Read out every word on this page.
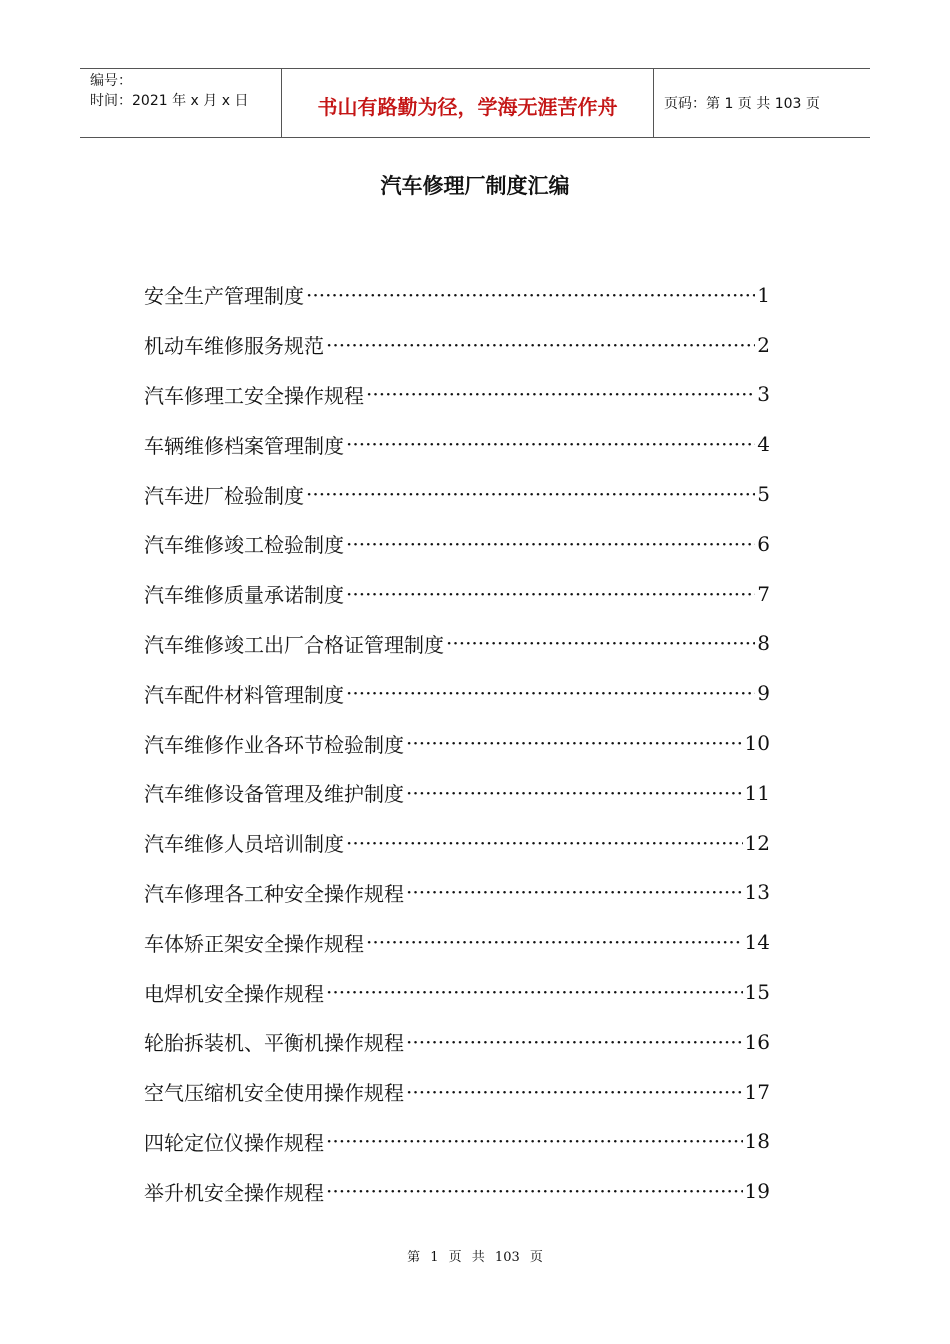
编号：
时间：2021 年 x 月 x 日	书山有路勤为径，学海无涯苦作舟	页码：第 1 页 共 103 页
汽车修理厂制度汇编
安全生产管理制度 ·····	1
机动车维修服务规范 ·····	2
汽车修理工安全操作规程 ·····	3
车辆维修档案管理制度 ·····	4
汽车进厂检验制度 ·····	5
汽车维修竣工检验制度 ·····	6
汽车维修质量承诺制度 ·····	7
汽车维修竣工出厂合格证管理制度 ·····	8
汽车配件材料管理制度 ·····	9
汽车维修作业各环节检验制度 ·····	10
汽车维修设备管理及维护制度 ·····	11
汽车维修人员培训制度 ·····	12
汽车修理各工种安全操作规程 ·····	13
车体矫正架安全操作规程 ·····	14
电焊机安全操作规程 ·····	15
轮胎拆装机、平衡机操作规程 ·····	16
空气压缩机安全使用操作规程 ·····	17
四轮定位仪操作规程 ·····	18
举升机安全操作规程 ·····	19
第 1 页 共 103 页
